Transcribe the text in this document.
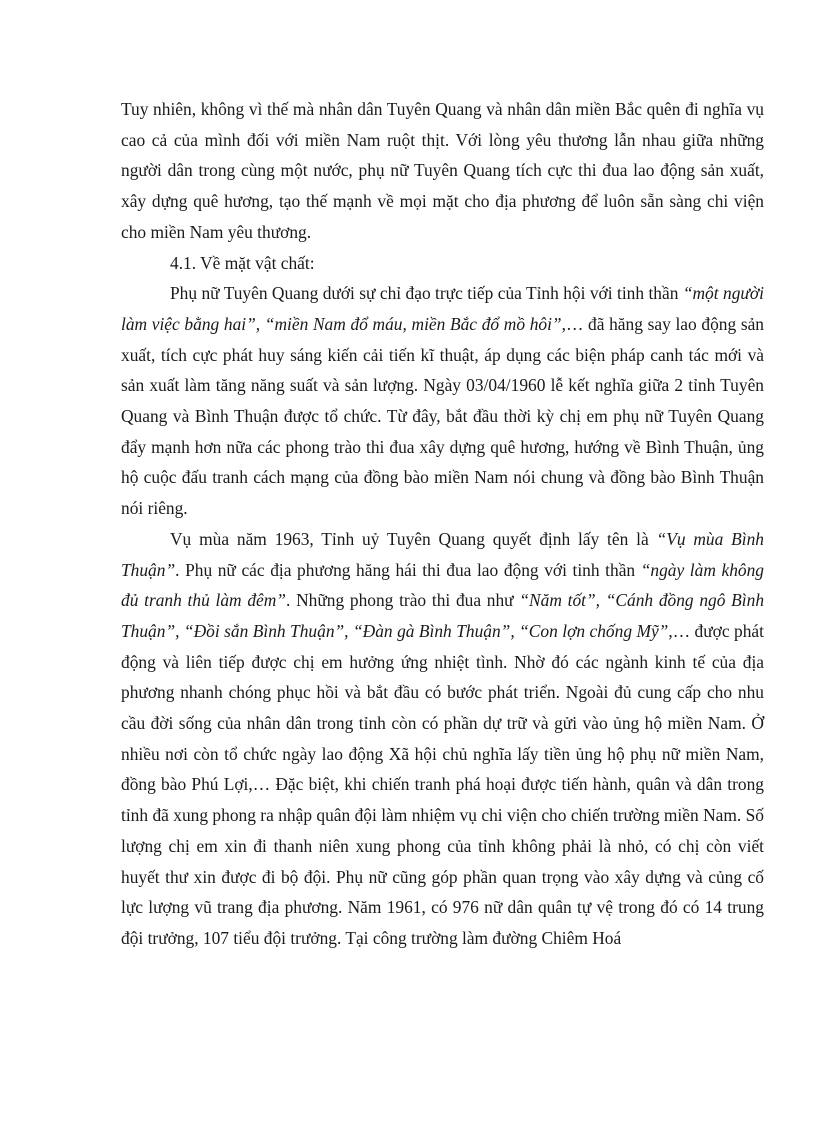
Tuy nhiên, không vì thế mà nhân dân Tuyên Quang và nhân dân miền Bắc quên đi nghĩa vụ cao cả của mình đối với miền Nam ruột thịt. Với lòng yêu thương lẫn nhau giữa những người dân trong cùng một nước, phụ nữ Tuyên Quang tích cực thi đua lao động sản xuất, xây dựng quê hương, tạo thế mạnh về mọi mặt cho địa phương để luôn sẵn sàng chi viện cho miền Nam yêu thương.

4.1. Về mặt vật chất:

Phụ nữ Tuyên Quang dưới sự chỉ đạo trực tiếp của Tỉnh hội với tinh thần “một người làm việc bằng hai”, “miền Nam đổ máu, miền Bắc đổ mồ hôi”,… đã hăng say lao động sản xuất, tích cực phát huy sáng kiến cải tiến kĩ thuật, áp dụng các biện pháp canh tác mới và sản xuất làm tăng năng suất và sản lượng. Ngày 03/04/1960 lễ kết nghĩa giữa 2 tỉnh Tuyên Quang và Bình Thuận được tổ chức. Từ đây, bắt đầu thời kỳ chị em phụ nữ Tuyên Quang đẩy mạnh hơn nữa các phong trào thi đua xây dựng quê hương, hướng về Bình Thuận, ủng hộ cuộc đấu tranh cách mạng của đồng bào miền Nam nói chung và đồng bào Bình Thuận nói riêng.

Vụ mùa năm 1963, Tỉnh uỷ Tuyên Quang quyết định lấy tên là “Vụ mùa Bình Thuận”. Phụ nữ các địa phương hăng hái thi đua lao động với tinh thần “ngày làm không đủ tranh thủ làm đêm”. Những phong trào thi đua như “Năm tốt”, “Cánh đồng ngô Bình Thuận”, “Đồi sắn Bình Thuận”, “Đàn gà Bình Thuận”, “Con lợn chống Mỹ”,… được phát động và liên tiếp được chị em hưởng ứng nhiệt tình. Nhờ đó các ngành kinh tế của địa phương nhanh chóng phục hồi và bắt đầu có bước phát triển. Ngoài đủ cung cấp cho nhu cầu đời sống của nhân dân trong tỉnh còn có phần dự trữ và gửi vào ủng hộ miền Nam. Ở nhiều nơi còn tổ chức ngày lao động Xã hội chủ nghĩa lấy tiền ủng hộ phụ nữ miền Nam, đồng bào Phú Lợi,… Đặc biệt, khi chiến tranh phá hoại được tiến hành, quân và dân trong tỉnh đã xung phong ra nhập quân đội làm nhiệm vụ chi viện cho chiến trường miền Nam. Số lượng chị em xin đi thanh niên xung phong của tỉnh không phải là nhỏ, có chị còn viết huyết thư xin được đi bộ đội. Phụ nữ cũng góp phần quan trọng vào xây dựng và củng cố lực lượng vũ trang địa phương. Năm 1961, có 976 nữ dân quân tự vệ trong đó có 14 trung đội trưởng, 107 tiểu đội trưởng. Tại công trường làm đường Chiêm Hoá
